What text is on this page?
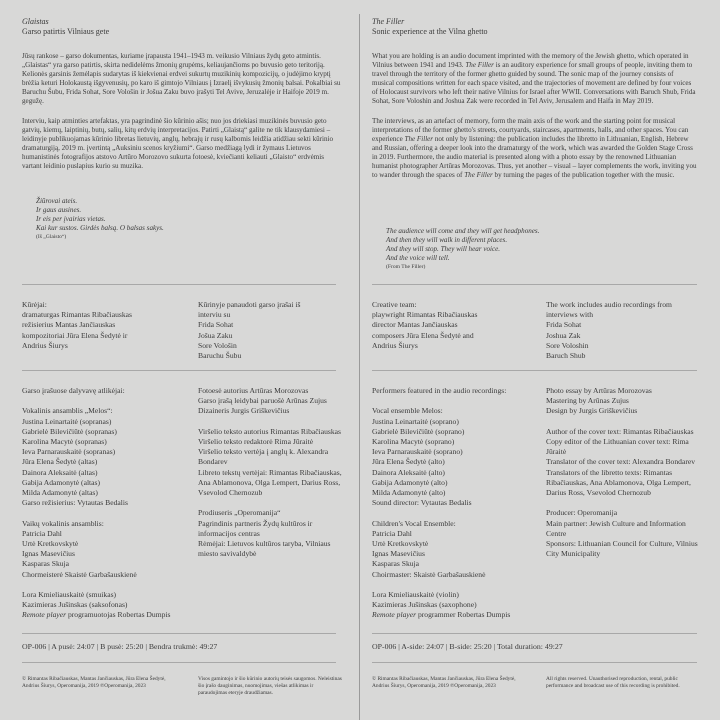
Glaistas
Garso patirtis Vilniaus gete

Jūsų rankose – garso dokumentas, kuriame įrapausta 1941–1943 m. veikusio Vilniaus žydų geto atmintis. „Glaistas“ yra garso patirtis, skirta nedidelėms žmonių grupėms, keliaujančioms po buvusio geto teritoriją. Kelionės garsinis žemėlapis sudarytas iš kiekvienai erdvei sukurtų muzikinių kompozicijų, o judėjimo kryptį brėžia keturi Holokaustą išgyvenusių, po karo iš gimtojo Vilniaus į Izraelį išvykusių žmonių balsai. Pokalbiai su Baruchu Šubu, Frida Sohat, Sore Vološin ir Jošua Zaku buvo įrašyti Tel Avive, Jeruzalėje ir Haifoje 2019 m. gegužę.

Interviu, kaip atminties artefaktas, yra pagrindinė šio kūrinio ašis; nuo jos driekiasi muzikinės buvusio geto gatvių, kiemų, laiptinių, butų, salių, kitų erdvių interpretacijos. Patirti „Glaistą“ galite ne tik klausydamiesi – leidinyje publikuojamas kūrinio libretas lietuvių, anglų, hebrajų ir rusų kalbomis leidžia atidžiau sekti kūrinio dramaturgiją, 2019 m. įvertintą „Auksiniu scenos kryžiumi“. Garso medžiagą lydi ir žymaus Lietuvos humanistinės fotografijos atstovo Artūro Morozovo sukurta fotoesė, kviečianti keliauti „Glaisto“ erdvėmis vartant leidinio puslapius kurio su muzika.

Žiūrovai ateis.
Ir gaus ausines.
Ir eis per įvairias vietas.
Kai kur sustos. Girdės balsą. O balsas sakys.
(Iš „Glaisto“)
Kūrėjai:
dramaturgas Rimantas Ribačiauskas
režisierius Mantas Jančiauskas
kompozitoriai Jūra Elena Šedytė ir
Andrius Šiurys
Kūrinyje panaudoti garso įrašai iš
interviu su
Frida Sohat
Jošua Zaku
Sore Vološin
Baruchu Šubu
Garso įrašuose dalyvavę atlikėjai:

Vokalinis ansamblis „Melos“:
Justina Leinartaitė (sopranas)
Gabrielė Bilevičiūtė (sopranas)
Karolina Macytė (sopranas)
Ieva Parnarauskaitė (sopranas)
Jūra Elena Šedytė (altas)
Dainora Aleksaitė (altas)
Gabija Adamonytė (altas)
Milda Adamonytė (altas)
Garso režisierius: Vytautas Bedalis

Vaikų vokalinis ansamblis:
Patricia Dahl
Urtė Kretkovskytė
Ignas Masevičius
Kasparas Skuja
Chormeisterė Skaistė Garbašauskienė

Lora Kmieliauskaitė (smuikas)
Kazimieras Jušinskas (saksofonas)
Remote player programuotojas Robertas Dumpis
Fotoesė autorius Artūras Morozovas
Garso įrašą leidybai paruošė Arūnas Zujus
Dizaineris Jurgis Griškevičius

Viršelio teksto autorius Rimantas Ribačiauskas
Viršelio teksto redaktorė Rima Jūraitė
Viršelio teksto vertėja į anglų k. Alexandra Bondarev
Libreto tekstų vertėjai: Rimantas Ribačiauskas, Ana Ablamonova, Olga Lempert, Darius Ross, Vsevolod Chernozub

Prodiuseris „Operomanija“
Pagrindinis partneris Žydų kultūros ir informacijos centras
Rėmėjai: Lietuvos kultūros taryba, Vilniaus miesto savivaldybė
OP-006 | A pusė: 24:07 | B pusė: 25:20 | Bendra trukmė: 49:27
© Rimantas Ribačiauskas, Mantas Jančiauskas, Jūra Elena Šedytė, Andrius Šiurys, Operomanija, 2019 ℗Operomanija, 2023
Visos gamintojo ir šio kūrinio autorių teisės saugomos. Neleistinas šio įrašo dauginimas, nuomojimas, viešas atlikimas ir paraudojimas eteryje draudžiamas.
The Filler
Sonic experience at the Vilna ghetto

What you are holding is an audio document imprinted with the memory of the Jewish ghetto, which operated in Vilnius between 1941 and 1943. The Filler is an auditory experience for small groups of people, inviting them to travel through the territory of the former ghetto guided by sound. The sonic map of the journey consists of musical compositions written for each space visited, and the trajectories of movement are defined by four voices of Holocaust survivors who left their native Vilnius for Israel after WWII. Conversations with Baruch Shub, Frida Sohat, Sore Voloshin and Joshua Zak were recorded in Tel Aviv, Jerusalem and Haifa in May 2019.

The interviews, as an artefact of memory, form the main axis of the work and the starting point for musical interpretations of the former ghetto's streets, courtyards, staircases, apartments, halls, and other spaces. You can experience The Filler not only by listening: the publication includes the libretto in Lithuanian, English, Hebrew and Russian, offering a deeper look into the dramaturgy of the work, which was awarded the Golden Stage Cross in 2019. Furthermore, the audio material is presented along with a photo essay by the renowned Lithuanian humanist photographer Artūras Morozovas. Thus, yet another – visual – layer complements the work, inviting you to wander through the spaces of The Filler by turning the pages of the publication together with the music.

The audience will come and they will get headphones.
And then they will walk in different places.
And they will stop. They will hear voice.
And the voice will tell.
(From The Filler)
Creative team:
playwright Rimantas Ribačiauskas
director Mantas Jančiauskas
composers Jūra Elena Šedytė and
Andrius Šiurys
The work includes audio recordings from
interviews with
Frida Sohat
Joshua Zak
Sore Voloshin
Baruch Shub
Performers featured in the audio recordings:

Vocal ensemble Melos:
Justina Leinartaitė (soprano)
Gabrielė Bilevičiūtė (soprano)
Karolina Macytė (soprano)
Ieva Parnarauskaitė (soprano)
Jūra Elena Šedytė (alto)
Dainora Aleksaitė (alto)
Gabija Adamonytė (alto)
Milda Adamonytė (alto)
Sound director: Vytautas Bedalis

Children's Vocal Ensemble:
Patricia Dahl
Urtė Kretkovskytė
Ignas Masevičius
Kasparas Skuja
Choirmaster: Skaistė Garbašauskienė

Lora Kmieliauskaitė (violin)
Kazimieras Jušinskas (saxophone)
Remote player programmer Robertas Dumpis
Photo essay by Artūras Morozovas
Mastering by Arūnas Zujus
Design by Jurgis Griškevičius

Author of the cover text: Rimantas Ribačiauskas
Copy editor of the Lithuanian cover text: Rima Jūraitė
Translator of the cover text: Alexandra Bondarev
Translators of the libretto texts: Rimantas Ribačiauskas, Ana Ablamonova, Olga Lempert, Darius Ross, Vsevolod Chernozub

Producer: Operomanija
Main partner: Jewish Culture and Information Centre
Sponsors: Lithuanian Council for Culture, Vilnius City Municipality
OP-006 | A-side: 24:07 | B-side: 25:20 | Total duration: 49:27
© Rimantas Ribačiauskas, Mantas Jančiauskas, Jūra Elena Šedytė, Andrius Šiurys, Operomanija, 2019 ℗Operomanija, 2023
All rights reserved. Unauthorised reproduction, rental, public performance and broadcast use of this recording is prohibited.
